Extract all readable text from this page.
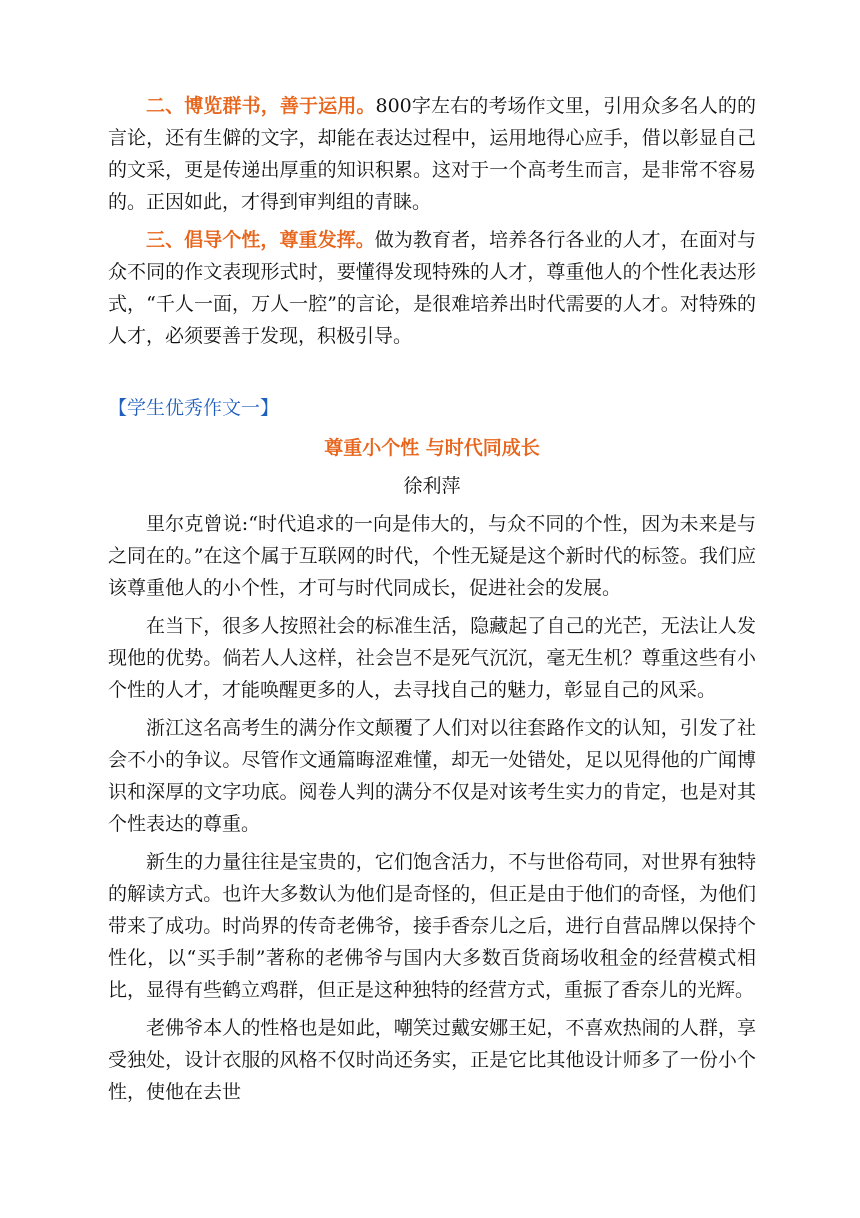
二、博览群书，善于运用。800字左右的考场作文里，引用众多名人的的言论，还有生僻的文字，却能在表达过程中，运用地得心应手，借以彰显自己的文采，更是传递出厚重的知识积累。这对于一个高考生而言，是非常不容易的。正因如此，才得到审判组的青睐。

三、倡导个性，尊重发挥。做为教育者，培养各行各业的人才，在面对与众不同的作文表现形式时，要懂得发现特殊的人才，尊重他人的个性化表达形式，“千人一面，万人一腔”的言论，是很难培养出时代需要的人才。对特殊的人才，必须要善于发现，积极引导。

【学生优秀作文一】

尊重小个性 与时代同成长

徐利萍

里尔克曾说:“时代追求的一向是伟大的，与众不同的个性，因为未来是与之同在的。”在这个属于互联网的时代，个性无疑是这个新时代的标签。我们应该尊重他人的小个性，才可与时代同成长，促进社会的发展。

在当下，很多人按照社会的标准生活，隐藏起了自己的光芒，无法让人发现他的优势。倘若人人这样，社会岂不是死气沉沉，毫无生机？尊重这些有小个性的人才，才能唤醒更多的人，去寻找自己的魅力，彰显自己的风采。

浙江这名高考生的满分作文颠覆了人们对以往套路作文的认知，引发了社会不小的争议。尽管作文通篇晦涩难懂，却无一处错处，足以见得他的广闻博识和深厚的文字功底。阅卷人判的满分不仅是对该考生实力的肯定，也是对其个性表达的尊重。

新生的力量往往是宝贵的，它们饱含活力，不与世俗苟同，对世界有独特的解读方式。也许大多数认为他们是奇怪的，但正是由于他们的奇怪，为他们带来了成功。时尚界的传奇老佛爷，接手香奈儿之后，进行自营品牌以保持个性化，以“买手制”著称的老佛爷与国内大多数百货商场收租金的经营模式相比，显得有些鹤立鸡群，但正是这种独特的经营方式，重振了香奈儿的光辉。

老佛爷本人的性格也是如此，嘲笑过戴安娜王妃，不喜欢热闹的人群，享受独处，设计衣服的风格不仅时尚还务实，正是它比其他设计师多了一份小个性，使他在去世
